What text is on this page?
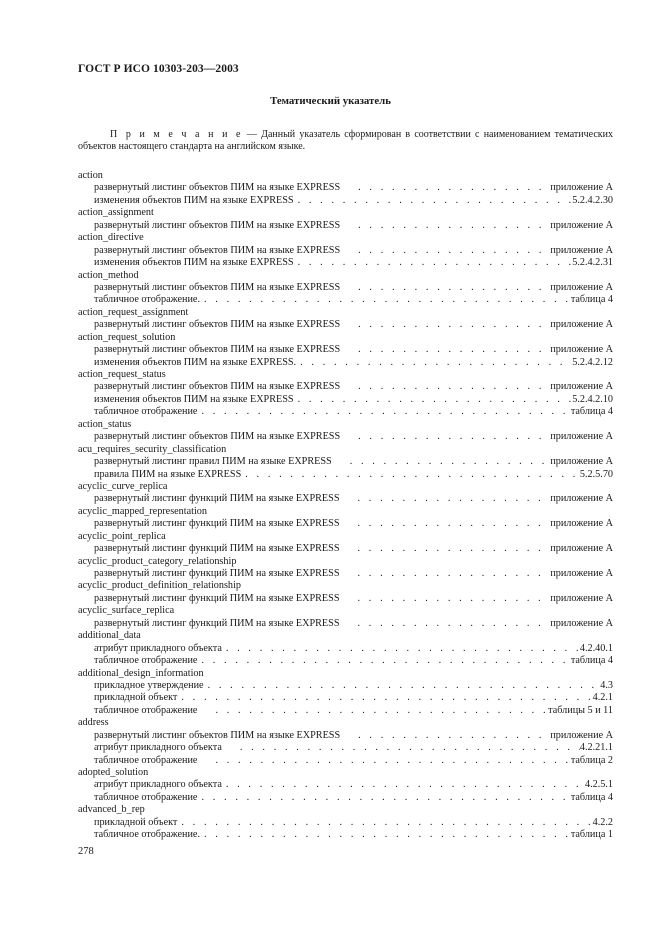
ГОСТ Р ИСО 10303-203—2003
Тематический указатель
П р и м е ч а н и е — Данный указатель сформирован в соответствии с наименованием тематических объектов настоящего стандарта на английском языке.
action
развернутый листинг объектов ПИМ на языке EXPRESS . . .	приложение А
изменения объектов ПИМ на языке EXPRESS . . .	5.2.4.2.30
action_assignment
развернутый листинг объектов ПИМ на языке EXPRESS . . .	приложение А
action_directive
развернутый листинг объектов ПИМ на языке EXPRESS . . .	приложение А
изменения объектов ПИМ на языке EXPRESS . . .	5.2.4.2.31
action_method
развернутый листинг объектов ПИМ на языке EXPRESS . . .	приложение А
табличное отображение. . . .	таблица 4
action_request_assignment
развернутый листинг объектов ПИМ на языке EXPRESS . . .	приложение А
action_request_solution
развернутый листинг объектов ПИМ на языке EXPRESS . . .	приложение А
изменения объектов ПИМ на языке EXPRESS. . . .	5.2.4.2.12
action_request_status
развернутый листинг объектов ПИМ на языке EXPRESS . . .	приложение А
изменения объектов ПИМ на языке EXPRESS . . .	5.2.4.2.10
табличное отображение . . .	таблица 4
action_status
развернутый листинг объектов ПИМ на языке EXPRESS . . .	приложение А
acu_requires_security_classification
развернутый листинг правил ПИМ на языке EXPRESS . . .	приложение А
правила ПИМ на языке EXPRESS . . .	5.2.5.70
acyclic_curve_replica
развернутый листинг функций ПИМ на языке EXPRESS . . .	приложение А
acyclic_mapped_representation
развернутый листинг функций ПИМ на языке EXPRESS . . .	приложение А
acyclic_point_replica
развернутый листинг функций ПИМ на языке EXPRESS . . .	приложение А
acyclic_product_category_relationship
развернутый листинг функций ПИМ на языке EXPRESS . . .	приложение А
acyclic_product_definition_relationship
развернутый листинг функций ПИМ на языке EXPRESS . . .	приложение А
acyclic_surface_replica
развернутый листинг функций ПИМ на языке EXPRESS . . .	приложение А
additional_data
атрибут прикладного объекта . . .	4.2.40.1
табличное отображение . . .	таблица 4
additional_design_information
прикладное утверждение . . .	4.3
прикладной объект . . .	4.2.1
табличное отображение . . .	таблицы 5 и 11
address
развернутый листинг объектов ПИМ на языке EXPRESS . . .	приложение А
атрибут прикладного объекта . . .	4.2.21.1
табличное отображение . . .	таблица 2
adopted_solution
атрибут прикладного объекта . . .	4.2.5.1
табличное отображение . . .	таблица 4
advanced_b_rep
прикладной объект . . .	4.2.2
табличное отображение. . . .	таблица 1
278
